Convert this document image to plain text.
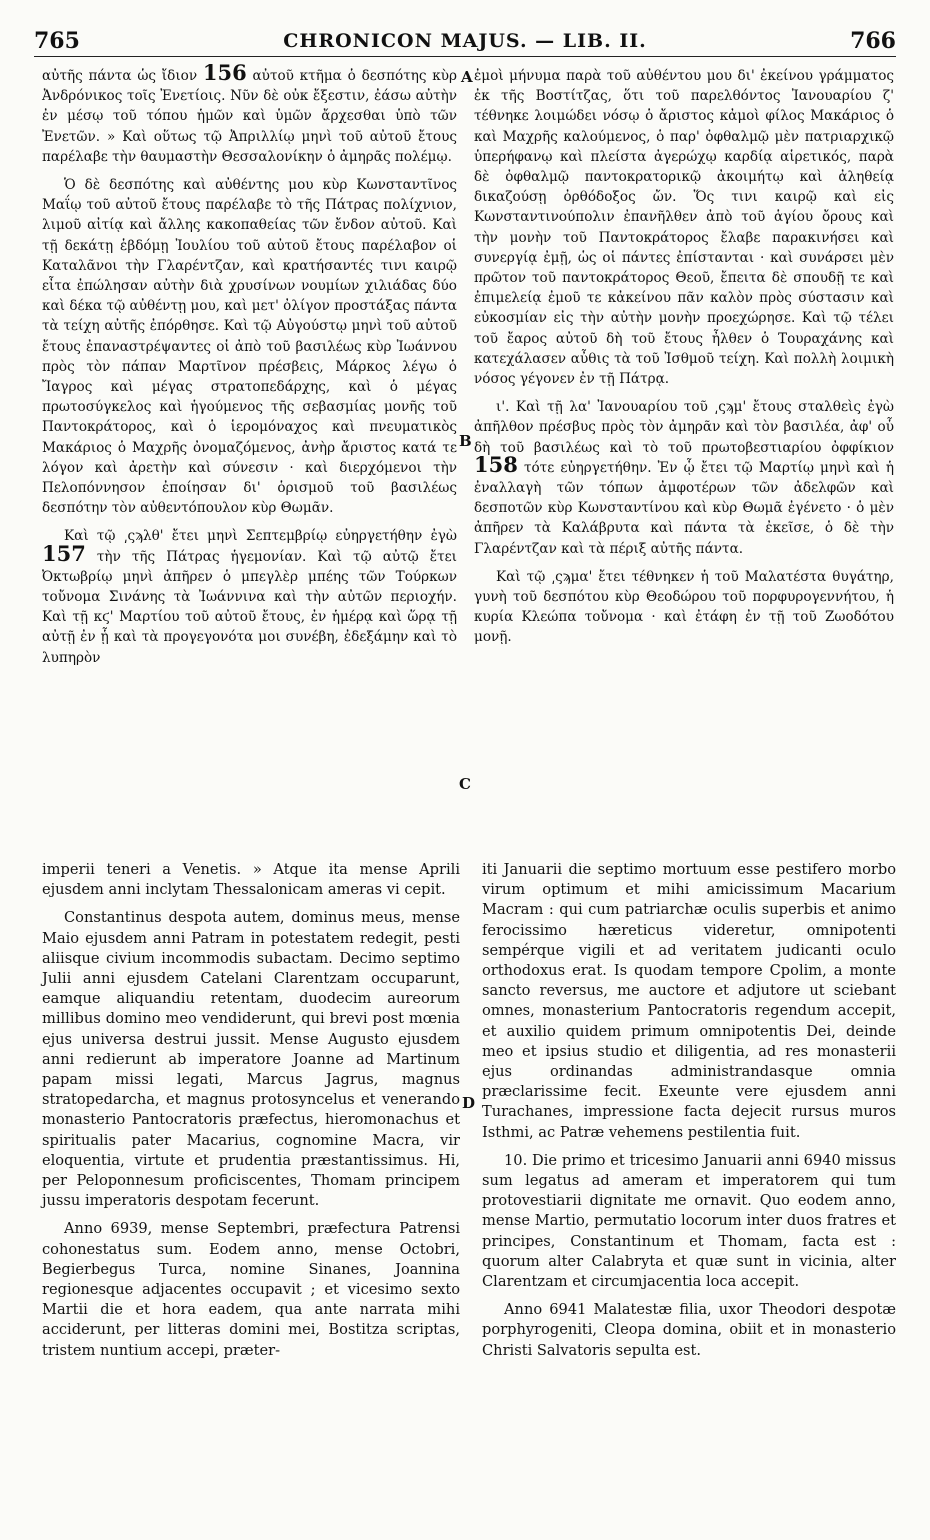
765	CHRONICON MAJUS. — LIB. II.	766
A
B
C
D

αὐτῆς πάντα ὡς ἴδιον 156 αὐτοῦ κτῆμα ὁ δεσπότης κὺρ Ἀνδρόνικος τοῖς Ἐνετίοις. Νῦν δὲ οὐκ ἔξεστιν, ἐάσω αὐτὴν ἐν μέσῳ τοῦ τόπου ἡμῶν καὶ ὑμῶν ἄρχεσθαι ὑπὸ τῶν Ἐνετῶν. » Καὶ οὕτως τῷ Ἀπριλλίῳ μηνὶ τοῦ αὐτοῦ ἔτους παρέλαβε τὴν θαυμαστὴν Θεσσαλονίκην ὁ ἀμηρᾶς πολέμῳ.

Ὁ δὲ δεσπότης καὶ αὐθέντης μου κὺρ Κωνσταντῖνος Μαΐῳ τοῦ αὐτοῦ ἔτους παρέλαβε τὸ τῆς Πάτρας πολίχνιον, λιμοῦ αἰτίᾳ καὶ ἄλλης κακοπαθείας τῶν ἔνδον αὐτοῦ. Καὶ τῇ δεκάτῃ ἑβδόμῃ Ἰουλίου τοῦ αὐτοῦ ἔτους παρέλαβον οἱ Καταλᾶνοι τὴν Γλαρέντζαν, καὶ κρατήσαντές τινι καιρῷ εἶτα ἐπώλησαν αὐτὴν διὰ χρυσίνων νουμίων χιλιάδας δύο καὶ δέκα τῷ αὐθέντῃ μου, καὶ μετ' ὀλίγον προστάξας πάντα τὰ τείχη αὐτῆς ἐπόρθησε. Καὶ τῷ Αὐγούστῳ μηνὶ τοῦ αὐτοῦ ἔτους ἐπαναστρέψαντες οἱ ἀπὸ τοῦ βασιλέως κὺρ Ἰωάννου πρὸς τὸν πάπαν Μαρτῖνον πρέσβεις, Μάρκος λέγω ὁ Ἴαγρος καὶ μέγας στρατοπεδάρχης, καὶ ὁ μέγας πρωτοσύγκελος καὶ ἡγούμενος τῆς σεβασμίας μονῆς τοῦ Παντοκράτορος, καὶ ὁ ἱερομόναχος καὶ πνευματικὸς Μακάριος ὁ Μαχρῆς ὀνομαζόμενος, ἀνὴρ ἄριστος κατά τε λόγον καὶ ἀρετὴν καὶ σύνεσιν · καὶ διερχόμενοι τὴν Πελοπόννησον ἐποίησαν δι' ὁρισμοῦ τοῦ βασιλέως δεσπότην τὸν αὐθεντόπουλον κὺρ Θωμᾶν.

Καὶ τῷ ͵ςϡλθ' ἔτει μηνὶ Σεπτεμβρίῳ εὐηργετήθην ἐγὼ 157 τὴν τῆς Πάτρας ἡγεμονίαν. Καὶ τῷ αὐτῷ ἔτει Ὀκτωβρίῳ μηνὶ ἀπῆρεν ὁ μπεγλὲρ μπέης τῶν Τούρκων τοὔνομα Σινάνης τὰ Ἰωάννινα καὶ τὴν αὐτῶν περιοχήν. Καὶ τῇ κϛ' Μαρτίου τοῦ αὐτοῦ ἔτους, ἐν ἡμέρᾳ καὶ ὥρᾳ τῇ αὐτῇ ἐν ᾗ καὶ τὰ προγεγονότα μοι συνέβη, ἐδεξάμην καὶ τὸ λυπηρὸν

ἐμοὶ μήνυμα παρὰ τοῦ αὐθέντου μου δι' ἐκείνου γράμματος ἐκ τῆς Βοστίτζας, ὅτι τοῦ παρελθόντος Ἰανουαρίου ζ' τέθνηκε λοιμώδει νόσῳ ὁ ἄριστος κἀμοὶ φίλος Μακάριος ὁ καὶ Μαχρῆς καλούμενος, ὁ παρ' ὀφθαλμῷ μὲν πατριαρχικῷ ὑπερήφανῳ καὶ πλείστα ἀγερώχῳ καρδίᾳ αἱρετικός, παρὰ δὲ ὀφθαλμῷ παντοκρατορικῷ ἀκοιμήτῳ καὶ ἀληθείᾳ δικαζούσῃ ὀρθόδοξος ὤν. Ὅς τινι καιρῷ καὶ εἰς Κωνσταντινούπολιν ἐπανῆλθεν ἀπὸ τοῦ ἁγίου ὄρους καὶ τὴν μονὴν τοῦ Παντοκράτορος ἔλαβε παρακινήσει καὶ συνεργίᾳ ἐμῇ, ὡς οἱ πάντες ἐπίστανται · καὶ συνάρσει μὲν πρῶτον τοῦ παντοκράτορος Θεοῦ, ἔπειτα δὲ σπουδῇ τε καὶ ἐπιμελείᾳ ἐμοῦ τε κἀκείνου πᾶν καλὸν πρὸς σύστασιν καὶ εὐκοσμίαν εἰς τὴν αὐτὴν μονὴν προεχώρησε. Καὶ τῷ τέλει τοῦ ἔαρος αὐτοῦ δὴ τοῦ ἔτους ἦλθεν ὁ Τουραχάνης καὶ κατεχάλασεν αὖθις τὰ τοῦ Ἰσθμοῦ τείχη. Καὶ πολλὴ λοιμικὴ νόσος γέγονεν ἐν τῇ Πάτρᾳ.

ι'. Καὶ τῇ λα' Ἰανουαρίου τοῦ ͵ςϡμ' ἔτους σταλθεὶς ἐγὼ ἀπῆλθον πρέσβυς πρὸς τὸν ἀμηρᾶν καὶ τὸν βασιλέα, ἀφ' οὗ δὴ τοῦ βασιλέως καὶ τὸ τοῦ πρωτοβεστιαρίου ὀφφίκιον 158 τότε εὐηργετήθην. Ἐν ᾧ ἔτει τῷ Μαρτίῳ μηνὶ καὶ ἡ ἐναλλαγὴ τῶν τόπων ἀμφοτέρων τῶν ἀδελφῶν καὶ δεσποτῶν κὺρ Κωνσταντίνου καὶ κὺρ Θωμᾶ ἐγένετο · ὁ μὲν ἀπῆρεν τὰ Καλάβρυτα καὶ πάντα τὰ ἐκεῖσε, ὁ δὲ τὴν Γλαρέντζαν καὶ τὰ πέριξ αὐτῆς πάντα.

Καὶ τῷ ͵ςϡμα' ἔτει τέθνηκεν ἡ τοῦ Μαλατέστα θυγάτηρ, γυνὴ τοῦ δεσπότου κὺρ Θεοδώρου τοῦ πορφυρογεννήτου, ἡ κυρία Κλεώπα τοὔνομα · καὶ ἐτάφη ἐν τῇ τοῦ Ζωοδότου μονῇ.

imperii teneri a Venetis. » Atque ita mense Aprili ejusdem anni inclytam Thessalonicam ameras vi cepit.

Constantinus despota autem, dominus meus, mense Maio ejusdem anni Patram in potestatem redegit, pesti aliisque civium incommodis subactam. Decimo septimo Julii anni ejusdem Catelani Clarentzam occuparunt, eamque aliquandiu retentam, duodecim aureorum millibus domino meo vendiderunt, qui brevi post mœnia ejus universa destrui jussit. Mense Augusto ejusdem anni redierunt ab imperatore Joanne ad Martinum papam missi legati, Marcus Jagrus, magnus stratopedarcha, et magnus protosyncelus et venerando monasterio Pantocratoris præfectus, hieromonachus et spiritualis pater Macarius, cognomine Macra, vir eloquentia, virtute et prudentia præstantissimus. Hi, per Peloponnesum proficiscentes, Thomam principem jussu imperatoris despotam fecerunt.

Anno 6939, mense Septembri, præfectura Patrensi cohonestatus sum. Eodem anno, mense Octobri, Begierbegus Turca, nomine Sinanes, Joannina regionesque adjacentes occupavit ; et vicesimo sexto Martii die et hora eadem, qua ante narrata mihi acciderunt, per litteras domini mei, Bostitza scriptas, tristem nuntium accepi, præter-

iti Januarii die septimo mortuum esse pestifero morbo virum optimum et mihi amicissimum Macarium Macram : qui cum patriarchæ oculis superbis et animo ferocissimo hæreticus videretur, omnipotenti sempérque vigili et ad veritatem judicanti oculo orthodoxus erat. Is quodam tempore Cpolim, a monte sancto reversus, me auctore et adjutore ut sciebant omnes, monasterium Pantocratoris regendum accepit, et auxilio quidem primum omnipotentis Dei, deinde meo et ipsius studio et diligentia, ad res monasterii ejus ordinandas administrandasque omnia præclarissime fecit. Exeunte vere ejusdem anni Turachanes, impressione facta dejecit rursus muros Isthmi, ac Patræ vehemens pestilentia fuit.

10. Die primo et tricesimo Januarii anni 6940 missus sum legatus ad ameram et imperatorem qui tum protovestiarii dignitate me ornavit. Quo eodem anno, mense Martio, permutatio locorum inter duos fratres et principes, Constantinum et Thomam, facta est : quorum alter Calabryta et quæ sunt in vicinia, alter Clarentzam et circumjacentia loca accepit.

Anno 6941 Malatestæ filia, uxor Theodori despotæ porphyrogeniti, Cleopa domina, obiit et in monasterio Christi Salvatoris sepulta est.
